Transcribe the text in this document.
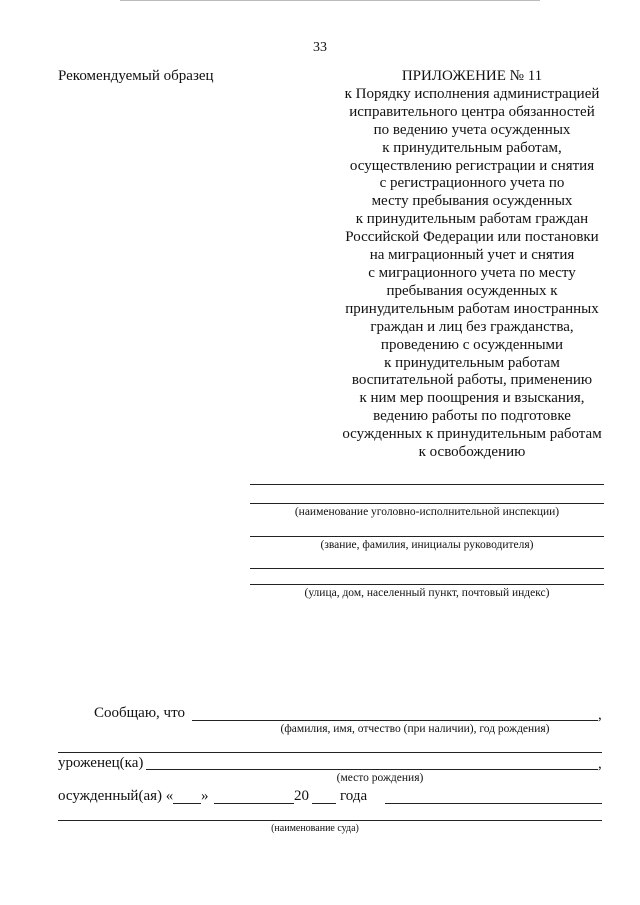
33
Рекомендуемый образец	ПРИЛОЖЕНИЕ № 11
к Порядку исполнения администрацией
исправительного центра обязанностей
по ведению учета осужденных
к принудительным работам,
осуществлению регистрации и снятия
с регистрационного учета по
месту пребывания осужденных
к принудительным работам граждан
Российской Федерации или постановки
на миграционный учет и снятия
с миграционного учета по месту
пребывания осужденных к
принудительным работам иностранных
граждан и лиц без гражданства,
проведению с осужденными
к принудительным работам
воспитательной работы, применению
к ним мер поощрения и взыскания,
ведению работы по подготовке
осужденных к принудительным работам
к освобождению
(наименование уголовно-исполнительной инспекции)
(звание, фамилия, инициалы руководителя)
(улица, дом, населенный пункт, почтовый индекс)
Сообщаю, что	,
(фамилия, имя, отчество (при наличии), год рождения)
уроженец(ка)	,
(место рождения)
осужденный(ая) « »	20 года
(наименование суда)
